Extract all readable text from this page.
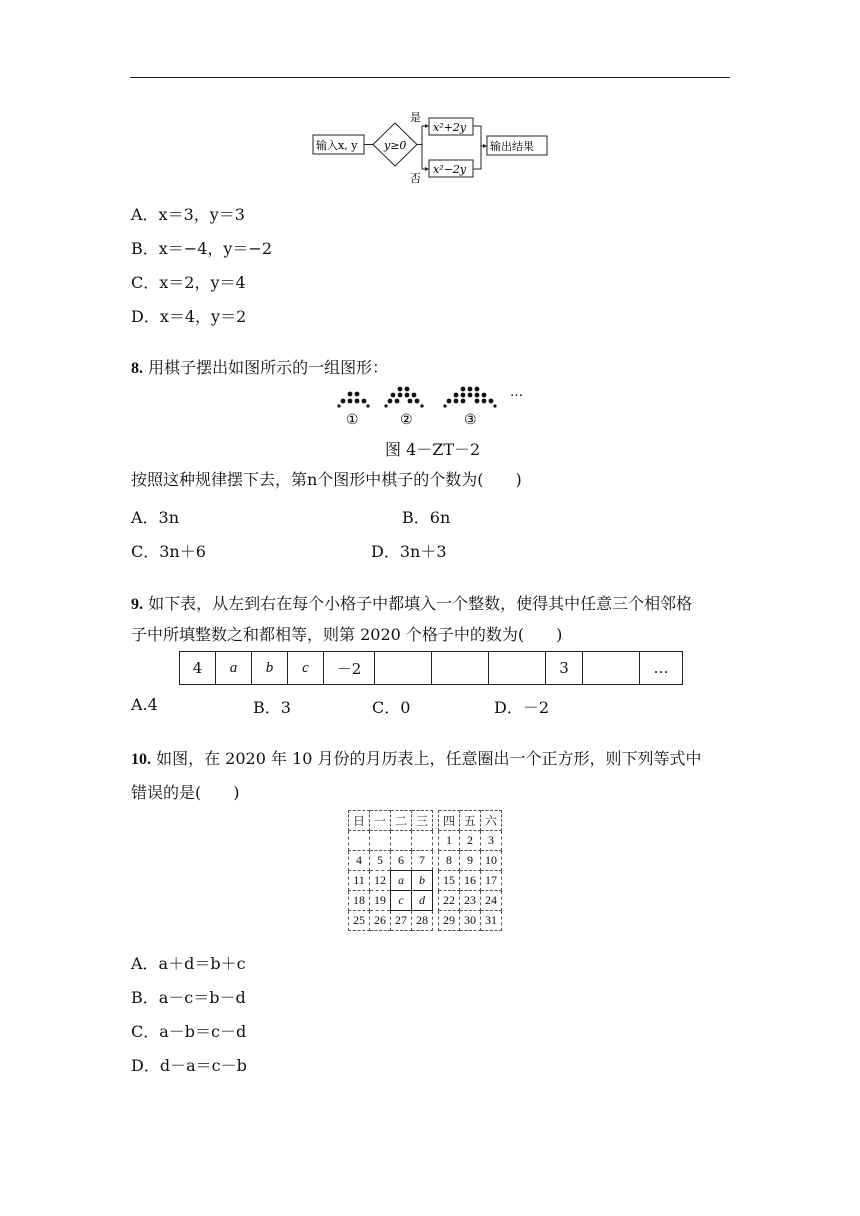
输入x, y y≥0
是
否
x²+2y
x²−2y
输出结果
A．x＝3，y＝3
B．x＝−4，y＝−2
C．x＝2，y＝4
D．x＝4，y＝2
8. 用棋子摆出如图所示的一组图形：
…
①	②	③
图 4－ZT－2
按照这种规律摆下去，第n个图形中棋子的个数为(　　)
A．3n	B．6n
C．3n＋6	D．3n＋3
9. 如下表，从左到右在每个小格子中都填入一个整数，使得其中任意三个相邻格
子中所填整数之和都相等，则第 2020 个格子中的数为(　　)
4	a	b	c	－2				3		…
A.4	B．3	C．0	D．－2
10. 如图，在 2020 年 10 月份的月历表上，任意圈出一个正方形，则下列等式中
错误的是(　　)
日	一	二	三		四	五	六
					1	2	3
4	5	6	7		8	9	10
11	12	a	b		15	16	17
18	19	c	d		22	23	24
25	26	27	28		29	30	31
A．a＋d＝b＋c
B．a－c＝b－d
C．a－b＝c－d
D．d－a＝c－b
